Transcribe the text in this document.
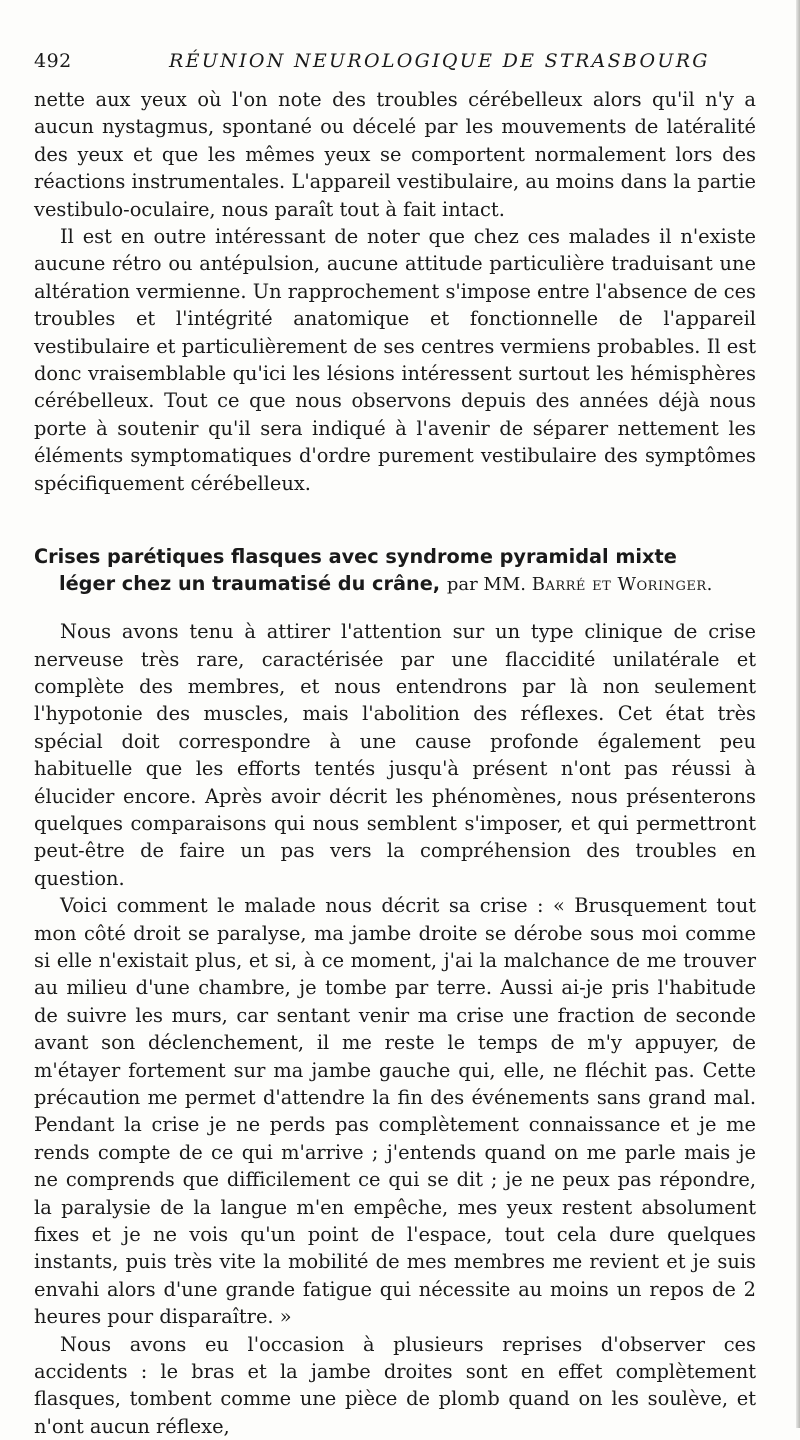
492	RÉUNION NEUROLOGIQUE DE STRASBOURG

nette aux yeux où l'on note des troubles cérébelleux alors qu'il n'y a aucun nystagmus, spontané ou décelé par les mouvements de latéralité des yeux et que les mêmes yeux se comportent normalement lors des réactions instrumentales. L'appareil vestibulaire, au moins dans la partie vestibulo-oculaire, nous paraît tout à fait intact.

Il est en outre intéressant de noter que chez ces malades il n'existe aucune rétro ou antépulsion, aucune attitude particulière traduisant une altération vermienne. Un rapprochement s'impose entre l'absence de ces troubles et l'intégrité anatomique et fonctionnelle de l'appareil vestibulaire et particulièrement de ses centres vermiens probables. Il est donc vraisemblable qu'ici les lésions intéressent surtout les hémisphères cérébelleux. Tout ce que nous observons depuis des années déjà nous porte à soutenir qu'il sera indiqué à l'avenir de séparer nettement les éléments symptomatiques d'ordre purement vestibulaire des symptômes spécifiquement cérébelleux.

Crises parétiques flasques avec syndrome pyramidal mixte
léger chez un traumatisé du crâne, par MM. Barré et Woringer.

Nous avons tenu à attirer l'attention sur un type clinique de crise nerveuse très rare, caractérisée par une flaccidité unilatérale et complète des membres, et nous entendrons par là non seulement l'hypotonie des muscles, mais l'abolition des réflexes. Cet état très spécial doit correspondre à une cause profonde également peu habituelle que les efforts tentés jusqu'à présent n'ont pas réussi à élucider encore. Après avoir décrit les phénomènes, nous présenterons quelques comparaisons qui nous semblent s'imposer, et qui permettront peut-être de faire un pas vers la compréhension des troubles en question.

Voici comment le malade nous décrit sa crise : « Brusquement tout mon côté droit se paralyse, ma jambe droite se dérobe sous moi comme si elle n'existait plus, et si, à ce moment, j'ai la malchance de me trouver au milieu d'une chambre, je tombe par terre. Aussi ai-je pris l'habitude de suivre les murs, car sentant venir ma crise une fraction de seconde avant son déclenchement, il me reste le temps de m'y appuyer, de m'étayer fortement sur ma jambe gauche qui, elle, ne fléchit pas. Cette précaution me permet d'attendre la fin des événements sans grand mal. Pendant la crise je ne perds pas complètement connaissance et je me rends compte de ce qui m'arrive ; j'entends quand on me parle mais je ne comprends que difficilement ce qui se dit ; je ne peux pas répondre, la paralysie de la langue m'en empêche, mes yeux restent absolument fixes et je ne vois qu'un point de l'espace, tout cela dure quelques instants, puis très vite la mobilité de mes membres me revient et je suis envahi alors d'une grande fatigue qui nécessite au moins un repos de 2 heures pour disparaître. »

Nous avons eu l'occasion à plusieurs reprises d'observer ces accidents : le bras et la jambe droites sont en effet complètement flasques, tombent comme une pièce de plomb quand on les soulève, et n'ont aucun réflexe,
